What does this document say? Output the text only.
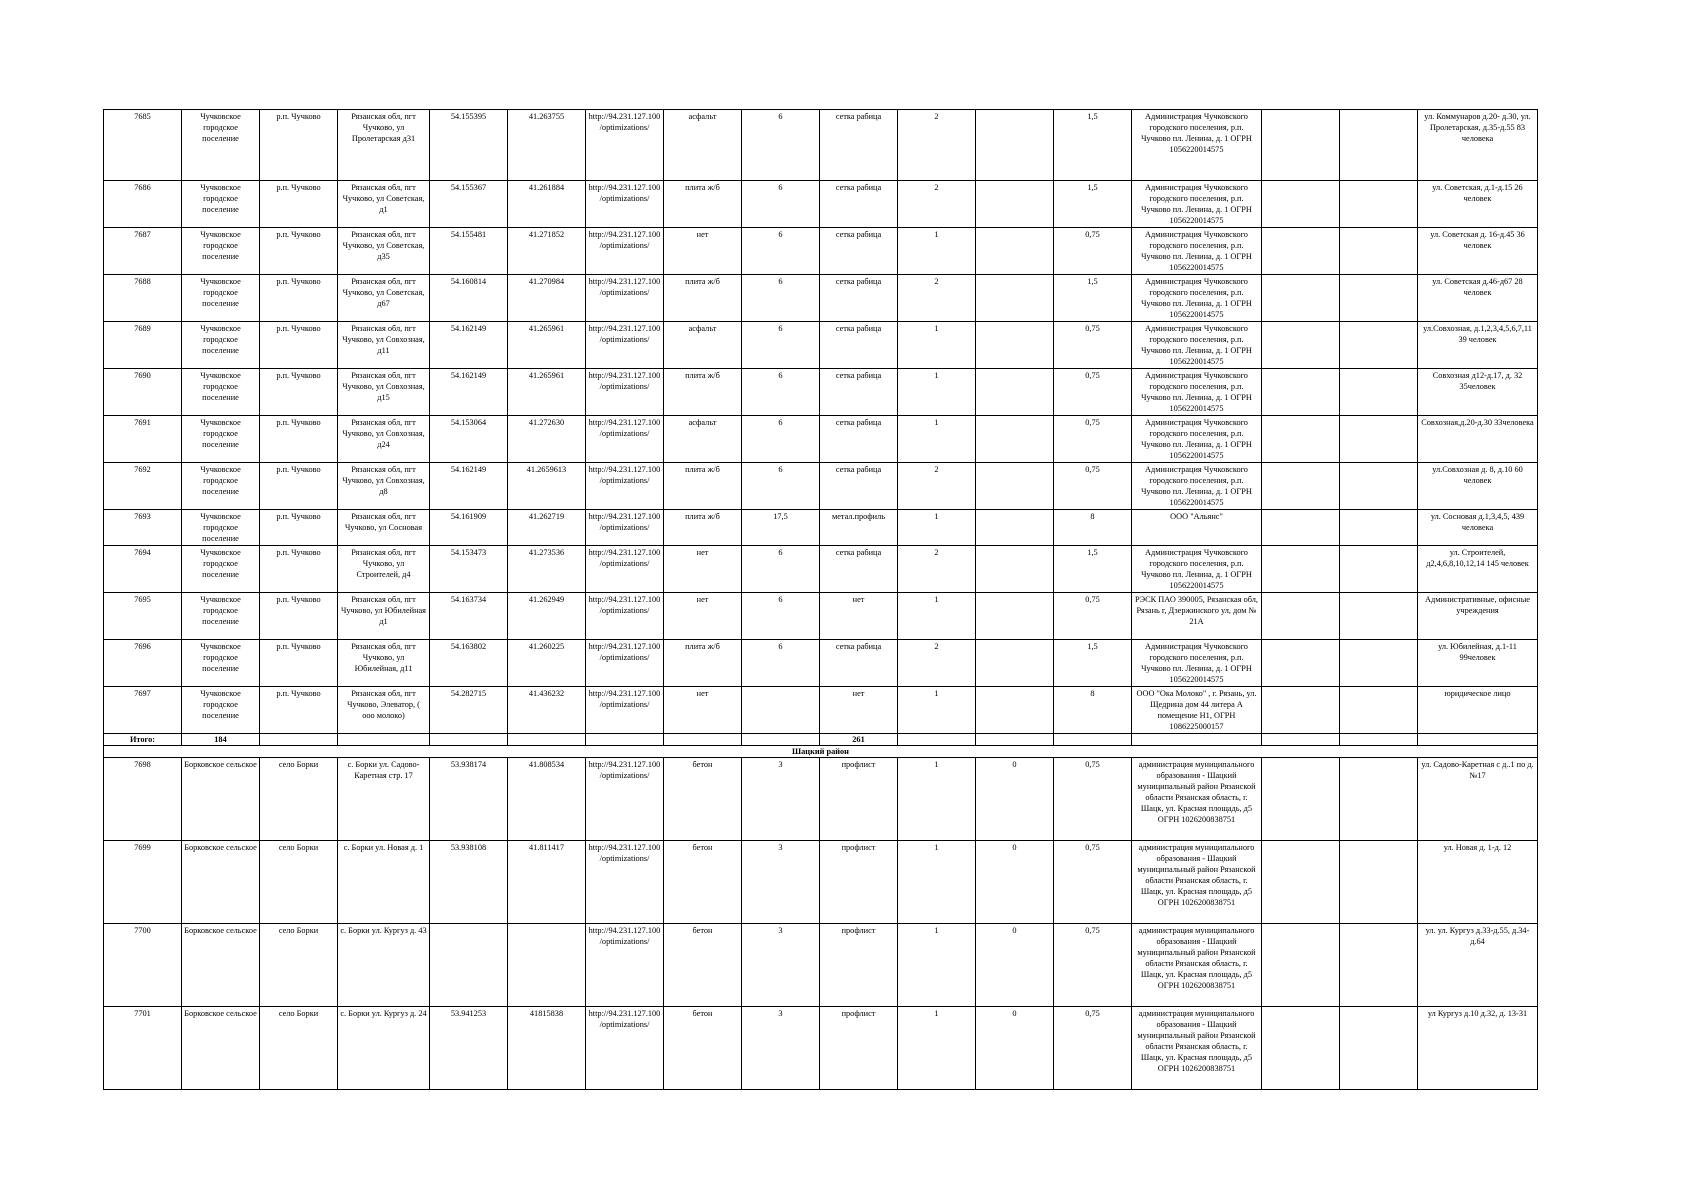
7685	Чучковское городское поселение	р.п. Чучково	Рязанская обл, пгт Чучково, ул Пролетарская д31	54.155395	41.263755	http://94.231.127.100/optimizations/	асфальт	6	сетка рабица	2		1,5	Администрация Чучковского городского поселения, р.п. Чучково пл. Ленина, д. 1 ОГРН 1056220014575			ул. Коммунаров д.20- д.30, ул. Пролетарская, д.35-д.55 83 человека
7686	Чучковское городское поселение	р.п. Чучково	Рязанская обл, пгт Чучково, ул Советская, д1	54.155367	41.261884	http://94.231.127.100/optimizations/	плита ж/б	6	сетка рабица	2		1,5	Администрация Чучковского городского поселения, р.п. Чучково пл. Ленина, д. 1 ОГРН 1056220014575			ул. Советская, д.1-д.15 26 человек
7687	Чучковское городское поселение	р.п. Чучково	Рязанская обл, пгт Чучково, ул Советская, д35	54.155481	41.271852	http://94.231.127.100/optimizations/	нет	6	сетка рабица	1		0,75	Администрация Чучковского городского поселения, р.п. Чучково пл. Ленина, д. 1 ОГРН 1056220014575			ул. Советская д. 16-д.45 36 человек
7688	Чучковское городское поселение	р.п. Чучково	Рязанская обл, пгт Чучково, ул Советская, д67	54.160814	41.270984	http://94.231.127.100/optimizations/	плита ж/б	6	сетка рабица	2		1,5	Администрация Чучковского городского поселения, р.п. Чучково пл. Ленина, д. 1 ОГРН 1056220014575			ул. Советская д.46-д67 28 человек
7689	Чучковское городское поселение	р.п. Чучково	Рязанская обл, пгт Чучково, ул Совхозная, д11	54.162149	41.265961	http://94.231.127.100/optimizations/	асфальт	6	сетка рабица	1		0,75	Администрация Чучковского городского поселения, р.п. Чучково пл. Ленина, д. 1 ОГРН 1056220014575			ул.Совхозная, д.1,2,3,4,5,6,7,11 39 человек
7690	Чучковское городское поселение	р.п. Чучково	Рязанская обл, пгт Чучково, ул Совхозная, д15	54.162149	41.265961	http://94.231.127.100/optimizations/	плита ж/б	6	сетка рабица	1		0,75	Администрация Чучковского городского поселения, р.п. Чучково пл. Ленина, д. 1 ОГРН 1056220014575			Совхозная д12-д.17, д. 32 35человек
7691	Чучковское городское поселение	р.п. Чучково	Рязанская обл, пгт Чучково, ул Совхозная, д24	54.153064	41.272630	http://94.231.127.100/optimizations/	асфальт	6	сетка рабица	1		0,75	Администрация Чучковского городского поселения, р.п. Чучково пл. Ленина, д. 1 ОГРН 1056220014575			Совхозная,д.20-д.30 33человека
7692	Чучковское городское поселение	р.п. Чучково	Рязанская обл, пгт Чучково, ул Совхозная, д8	54.162149	41.2659613	http://94.231.127.100/optimizations/	плита ж/б	6	сетка рабица	2		0,75	Администрация Чучковского городского поселения, р.п. Чучково пл. Ленина, д. 1 ОГРН 1056220014575			ул.Совхозная д. 8, д.10 60 человек
7693	Чучковское городское поселение	р.п. Чучково	Рязанская обл, пгт Чучково, ул Сосновая	54.161909	41.262719	http://94.231.127.100/optimizations/	плита ж/б	17,5	метал.профиль	1		8	ООО "Альянс"			ул. Сосновая д.1,3,4,5, 439 человека
7694	Чучковское городское поселение	р.п. Чучково	Рязанская обл, пгт Чучково, ул Строителей, д4	54.153473	41.273536	http://94.231.127.100/optimizations/	нет	6	сетка рабица	2		1,5	Администрация Чучковского городского поселения, р.п. Чучково пл. Ленина, д. 1 ОГРН 1056220014575			ул. Строителей, д2,4,6,8,10,12,14 145 человек
7695	Чучковское городское поселение	р.п. Чучково	Рязанская обл, пгт Чучково, ул Юбилейная д1	54.163734	41.262949	http://94.231.127.100/optimizations/	нет	6	нет	1		0,75	РЭСК ПАО 390005, Рязанская обл, Рязань г, Дзержинского ул, дом № 21А			Административные, офисные учреждения
7696	Чучковское городское поселение	р.п. Чучково	Рязанская обл, пгт Чучково, ул Юбилейная, д11	54.163802	41.260225	http://94.231.127.100/optimizations/	плита ж/б	6	сетка рабица	2		1,5	Администрация Чучковского городского поселения, р.п. Чучково пл. Ленина, д. 1 ОГРН 1056220014575			ул. Юбилейная, д.1-11 99человек
7697	Чучковское городское поселение	р.п. Чучково	Рязанская обл, пгт Чучково, Элеватор, ( ооо молоко)	54.282715	41.436232	http://94.231.127.100/optimizations/	нет		нет	1		8	ООО "Ока Молоко" , г. Рязань, ул. Щедрина дом 44 литера А помещение Н1, ОГРН 1086225000157			юридическое лицо
Итого:	184								261							
Шацкий район																
7698	Борковское сельское	село Борки	с. Борки ул. Садово-Каретная стр. 17	53.938174	41.808534	http://94.231.127.100/optimizations/	бетон	3	профлист	1	0	0,75	администрация муниципального образования - Шацкий муниципальный район Рязанской области Рязанская область, г. Шацк, ул. Красная площадь, д5 ОГРН 1026200838751			ул. Садово-Каретная с д..1 по д. №17
7699	Борковское сельское	село Борки	с. Борки ул. Новая д. 1	53.938108	41.811417	http://94.231.127.100/optimizations/	бетон	3	профлист	1	0	0,75	администрация муниципального образования - Шацкий муниципальный район Рязанской области Рязанская область, г. Шацк, ул. Красная площадь, д5 ОГРН 1026200838751			ул. Новая д. 1-д. 12
7700	Борковское сельское	село Борки	с. Борки ул. Кургуз д. 43			http://94.231.127.100/optimizations/	бетон	3	профлист	1	0	0,75	администрация муниципального образования - Шацкий муниципальный район Рязанской области Рязанская область, г. Шацк, ул. Красная площадь, д5 ОГРН 1026200838751			ул. ул. Кургуз д.33-д.55, д.34-д.64
7701	Борковское сельское	село Борки	с. Борки ул. Кургуз д. 24	53.941253	41815838	http://94.231.127.100/optimizations/	бетон	3	профлист	1	0	0,75	администрация муниципального образования - Шацкий муниципальный район Рязанской области Рязанская область, г. Шацк, ул. Красная площадь, д5 ОГРН 1026200838751			ул Кургуз д.10 д.32, д. 13-31
